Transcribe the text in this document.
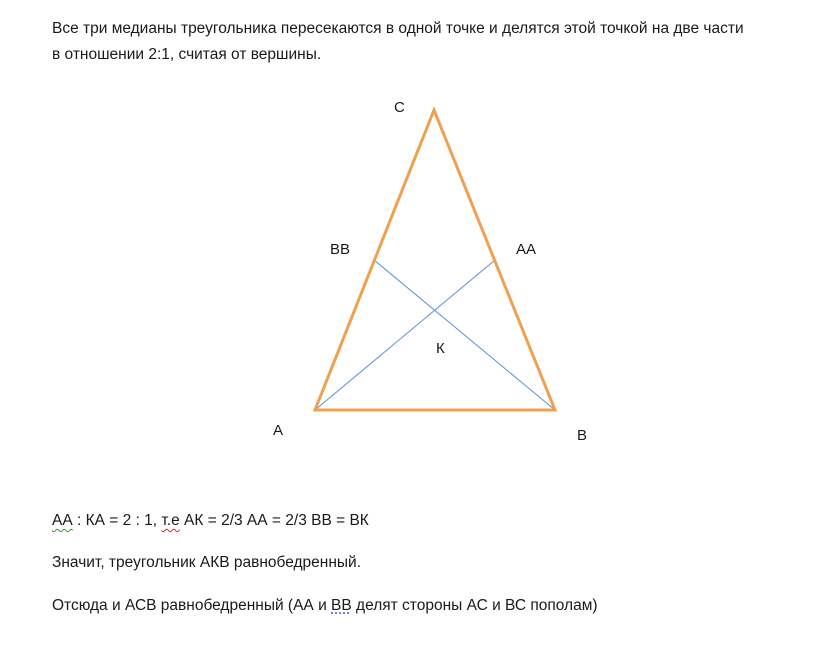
Все три медианы треугольника пересекаются в одной точке и делятся этой точкой на две части
в отношении 2:1, считая от вершины.
С
ВВ	АА
К
А	В
АА : КА = 2 : 1, т.е АК = 2/3 АА = 2/3 ВВ = ВК
Значит, треугольник АКВ равнобедренный.
Отсюда и АСВ равнобедренный (АА и ВВ делят стороны АС и ВС пополам)
